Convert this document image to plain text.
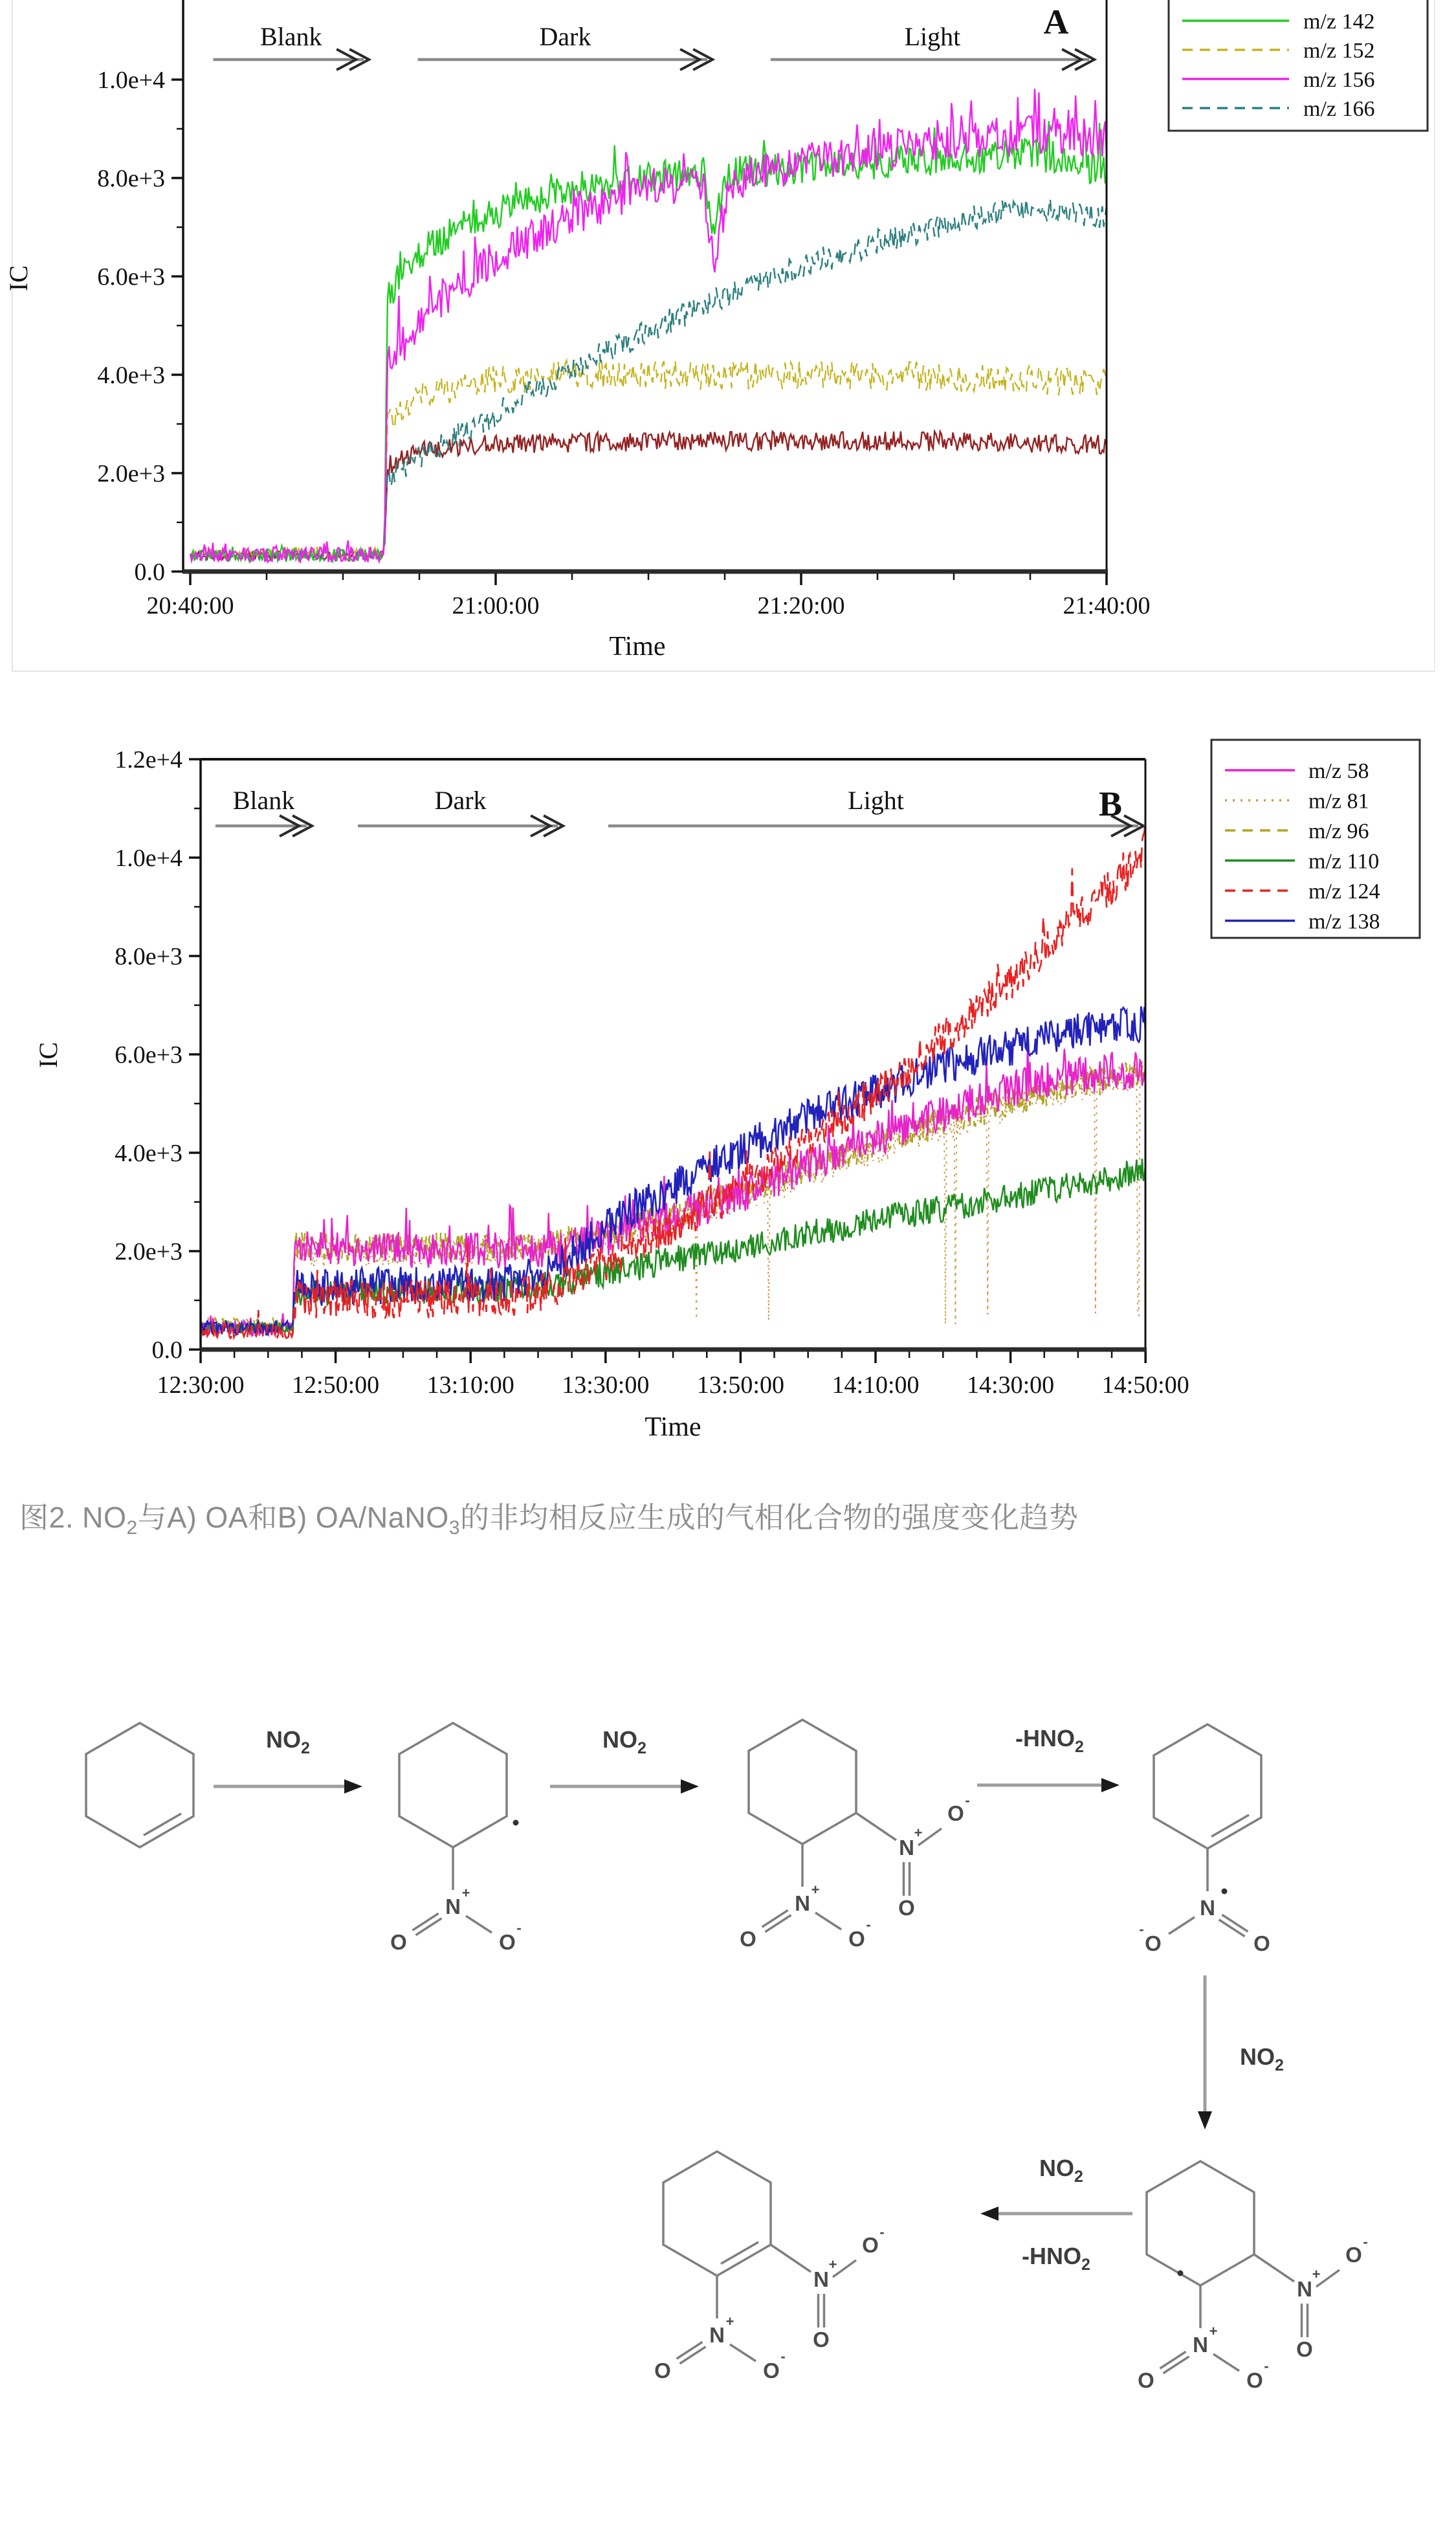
1.0e+4
8.0e+3
6.0e+3
4.0e+3
2.0e+3
0.0
20:40:00	21:00:00	21:20:00	21:40:00
Time
IC
Blank	Dark	Light A	m/z 142
m/z 152
m/z 156
m/z 166
1.2e+4
1.0e+4
8.0e+3
6.0e+3
4.0e+3
2.0e+3
0.0
12:30:00 12:50:00 13:10:00 13:30:00 13:50:00 14:10:00 14:30:00 14:50:00
Time
IC
Blank	Dark	Light	B
m/z 58
m/z 81
m/z 96
m/z 110
m/z 124
m/z 138
图2. $NO_2$与A) OA和B) OA/NaNO$_3$的非均相反应生成的气相化合物的强度变化趋势
$NO_2$
N
+
O	O
-
$NO_2$
N
+
O	O
-
N
+
O
-
O
$-HNO_2$
N
O
-
O
$NO_2$
N
+
O	O
-
N
+
O
-
O
$NO_2$
$-HNO_2$
N
+
O	O
-
N
+
O
-
O
